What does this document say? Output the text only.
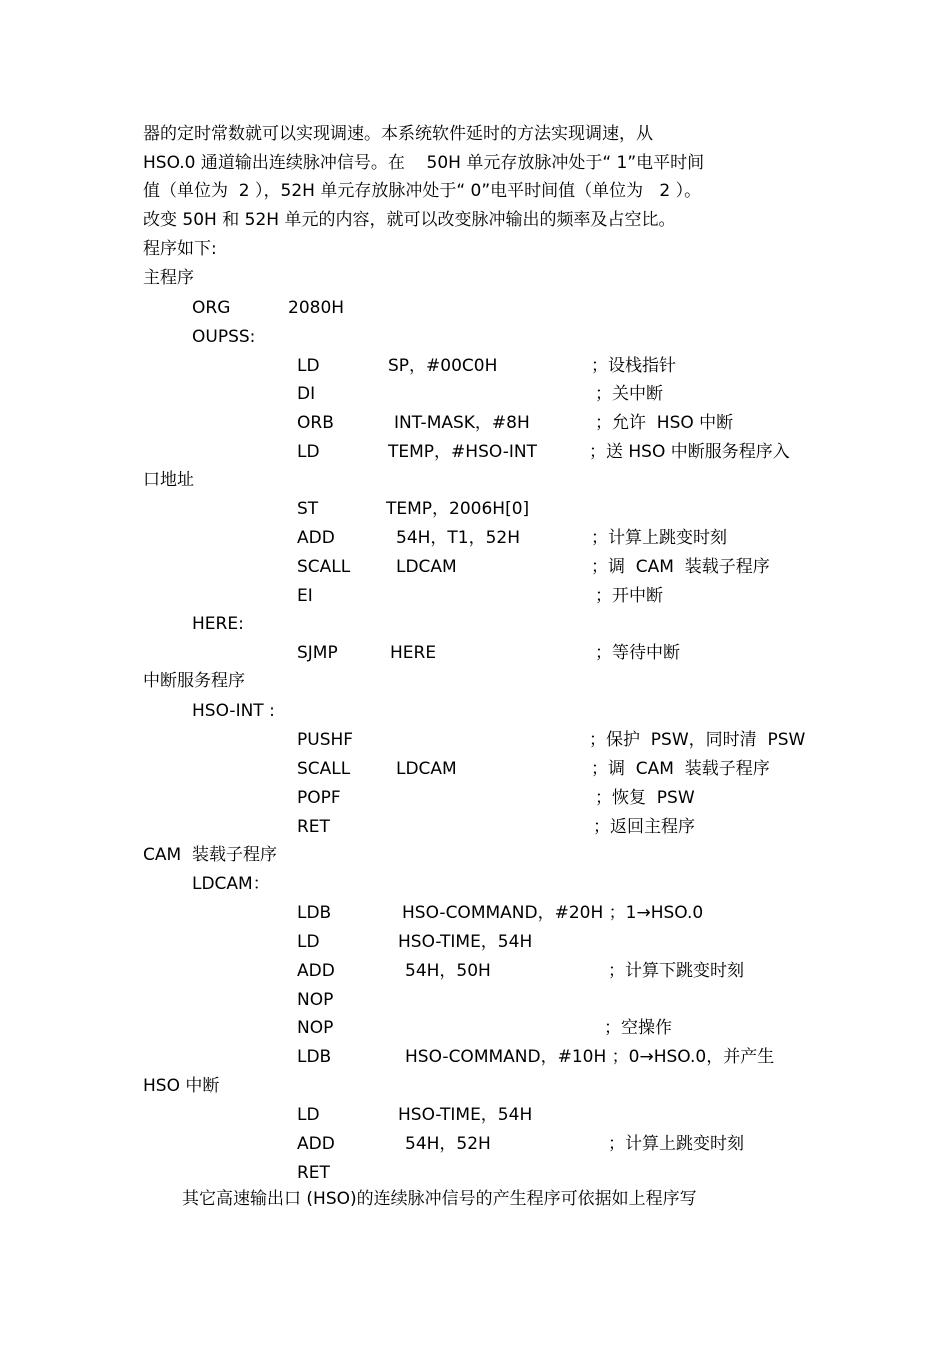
器的定时常数就可以实现调速。本系统软件延时的方法实现调速，从
HSO.0 通道输出连续脉冲信号。在    50H 单元存放脉冲处于“ 1”电平时间
值（单位为  2 ），52H 单元存放脉冲处于“ 0”电平时间值（单位为   2 ）。
改变 50H 和 52H 单元的内容，就可以改变脉冲输出的频率及占空比。
程序如下:
主程序
ORG	2080H
OUPSS:
LD	SP，#00C0H	；设栈指针
DI	；关中断
ORB	INT-MASK，#8H	；允许  HSO 中断
LD	TEMP，#HSO-INT	；送 HSO 中断服务程序入
口地址
ST	TEMP，2006H[0]
ADD	54H，T1，52H	；计算上跳变时刻
SCALL	LDCAM	；调  CAM  装载子程序
EI	；开中断
HERE:
SJMP	HERE	；等待中断
中断服务程序
HSO-INT :
PUSHF	；保护  PSW，同时清  PSW
SCALL	LDCAM	；调  CAM  装载子程序
POPF	；恢复  PSW
RET	；返回主程序
CAM  装载子程序
LDCAM：
LDB	HSO-COMMAND，#20H ；1→HSO.0
LD	HSO-TIME，54H
ADD	54H，50H	；计算下跳变时刻
NOP
NOP	；空操作
LDB	HSO-COMMAND，#10H ；0→HSO.0，并产生
HSO 中断
LD	HSO-TIME，54H
ADD	54H，52H	；计算上跳变时刻
RET
其它高速输出口 (HSO)的连续脉冲信号的产生程序可依据如上程序写
